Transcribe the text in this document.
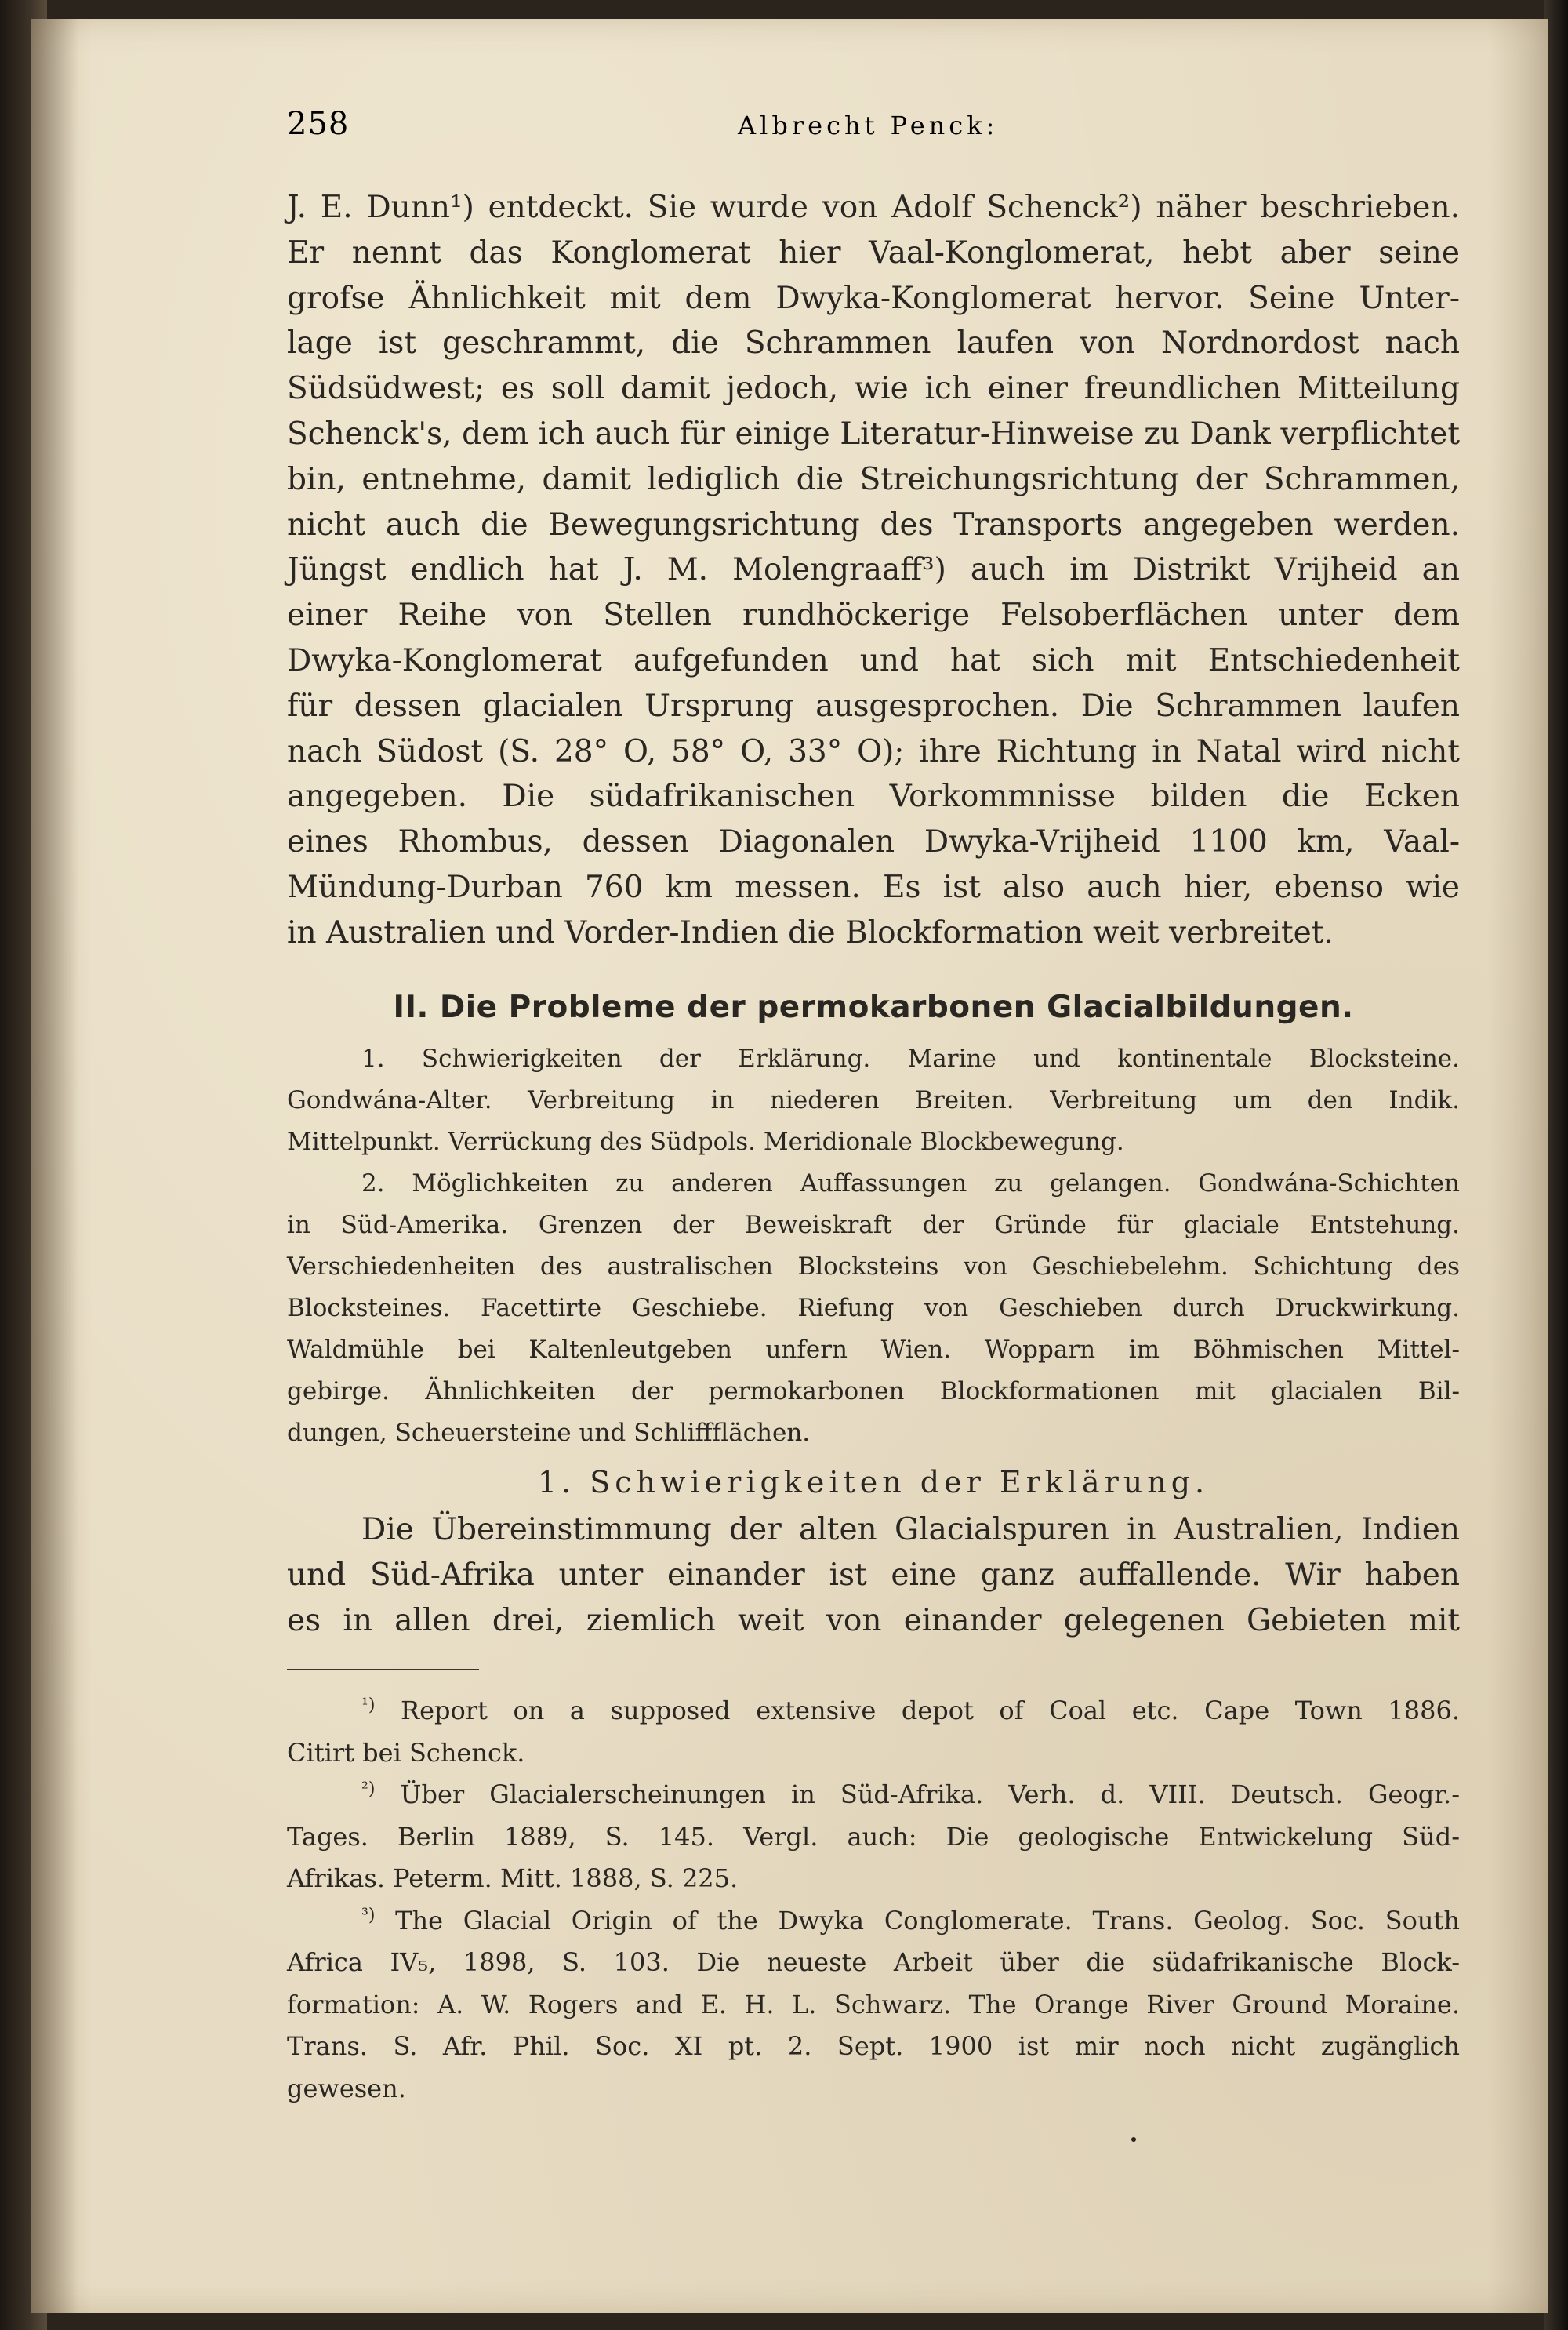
258	Albrecht Penck:
J. E. Dunn¹) entdeckt. Sie wurde von Adolf Schenck²) näher beschrieben.
Er nennt das Konglomerat hier Vaal-Konglomerat, hebt aber seine
grofse Ähnlichkeit mit dem Dwyka-Konglomerat hervor. Seine Unter-
lage ist geschrammt, die Schrammen laufen von Nordnordost nach
Südsüdwest; es soll damit jedoch, wie ich einer freundlichen Mitteilung
Schenck's, dem ich auch für einige Literatur-Hinweise zu Dank verpflichtet
bin, entnehme, damit lediglich die Streichungsrichtung der Schrammen,
nicht auch die Bewegungsrichtung des Transports angegeben werden.
Jüngst endlich hat J. M. Molengraaff³) auch im Distrikt Vrijheid an
einer Reihe von Stellen rundhöckerige Felsoberflächen unter dem
Dwyka-Konglomerat aufgefunden und hat sich mit Entschiedenheit
für dessen glacialen Ursprung ausgesprochen. Die Schrammen laufen
nach Südost (S. 28° O, 58° O, 33° O); ihre Richtung in Natal wird nicht
angegeben. Die südafrikanischen Vorkommnisse bilden die Ecken
eines Rhombus, dessen Diagonalen Dwyka-Vrijheid 1100 km, Vaal-
Mündung-Durban 760 km messen. Es ist also auch hier, ebenso wie
in Australien und Vorder-Indien die Blockformation weit verbreitet.
II. Die Probleme der permokarbonen Glacialbildungen.
1. Schwierigkeiten der Erklärung. Marine und kontinentale Blocksteine.
Gondwána-Alter. Verbreitung in niederen Breiten. Verbreitung um den Indik.
Mittelpunkt. Verrückung des Südpols. Meridionale Blockbewegung.
2. Möglichkeiten zu anderen Auffassungen zu gelangen. Gondwána-Schichten
in Süd-Amerika. Grenzen der Beweiskraft der Gründe für glaciale Entstehung.
Verschiedenheiten des australischen Blocksteins von Geschiebelehm. Schichtung des
Blocksteines. Facettirte Geschiebe. Riefung von Geschieben durch Druckwirkung.
Waldmühle bei Kaltenleutgeben unfern Wien. Wopparn im Böhmischen Mittel-
gebirge. Ähnlichkeiten der permokarbonen Blockformationen mit glacialen Bil-
dungen, Scheuersteine und Schliffflächen.
1. Schwierigkeiten der Erklärung.
Die Übereinstimmung der alten Glacialspuren in Australien, Indien
und Süd-Afrika unter einander ist eine ganz auffallende. Wir haben
es in allen drei, ziemlich weit von einander gelegenen Gebieten mit
$^{^1)}$ Report on a supposed extensive depot of Coal etc. Cape Town 1886.
Citirt bei Schenck.
$^{^2)}$ Über Glacialerscheinungen in Süd-Afrika. Verh. d. VIII. Deutsch. Geogr.-
Tages. Berlin 1889, S. 145. Vergl. auch: Die geologische Entwickelung Süd-
Afrikas. Peterm. Mitt. 1888, S. 225.
$^{^3)}$ The Glacial Origin of the Dwyka Conglomerate. Trans. Geolog. Soc. South
Africa IV₅, 1898, S. 103. Die neueste Arbeit über die südafrikanische Block-
formation: A. W. Rogers and E. H. L. Schwarz. The Orange River Ground Moraine.
Trans. S. Afr. Phil. Soc. XI pt. 2. Sept. 1900 ist mir noch nicht zugänglich
gewesen.
